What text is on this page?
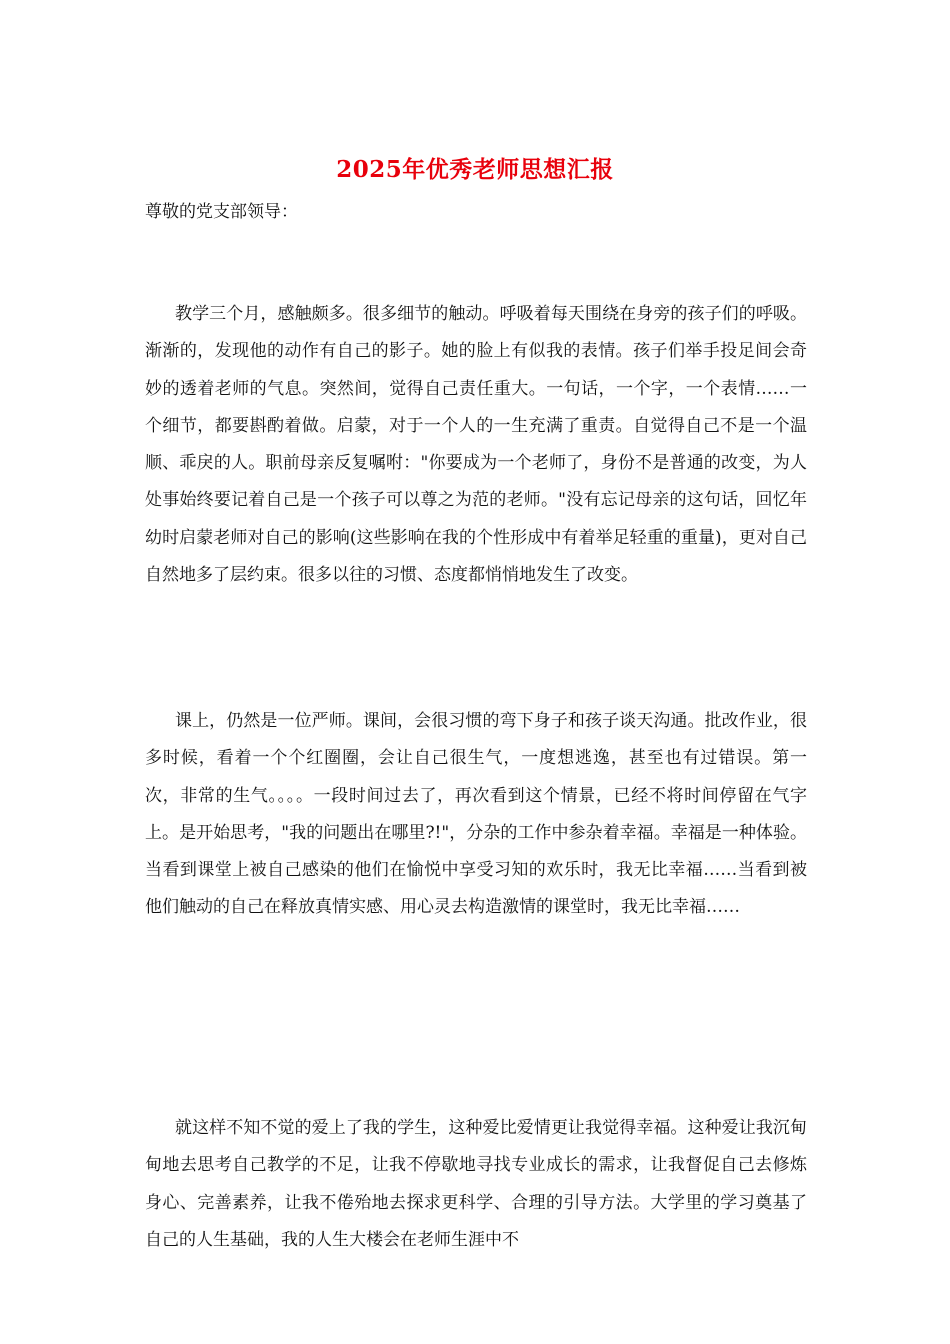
2025年优秀老师思想汇报
尊敬的党支部领导：

教学三个月，感触颇多。很多细节的触动。呼吸着每天围绕在身旁的孩子们的呼吸。渐渐的，发现他的动作有自己的影子。她的脸上有似我的表情。孩子们举手投足间会奇妙的透着老师的气息。突然间，觉得自己责任重大。一句话，一个字，一个表情……一个细节，都要斟酌着做。启蒙，对于一个人的一生充满了重责。自觉得自己不是一个温顺、乖戾的人。职前母亲反复嘱咐："你要成为一个老师了，身份不是普通的改变，为人处事始终要记着自己是一个孩子可以尊之为范的老师。"没有忘记母亲的这句话，回忆年幼时启蒙老师对自己的影响(这些影响在我的个性形成中有着举足轻重的重量)，更对自己自然地多了层约束。很多以往的习惯、态度都悄悄地发生了改变。

课上，仍然是一位严师。课间，会很习惯的弯下身子和孩子谈天沟通。批改作业，很多时候，看着一个个红圈圈，会让自己很生气，一度想逃逸，甚至也有过错误。第一次，非常的生气。。。。一段时间过去了，再次看到这个情景，已经不将时间停留在气字上。是开始思考，"我的问题出在哪里?!"，分杂的工作中参杂着幸福。幸福是一种体验。当看到课堂上被自己感染的他们在愉悦中享受习知的欢乐时，我无比幸福……当看到被他们触动的自己在释放真情实感、用心灵去构造激情的课堂时，我无比幸福……

就这样不知不觉的爱上了我的学生，这种爱比爱情更让我觉得幸福。这种爱让我沉甸甸地去思考自己教学的不足，让我不停歇地寻找专业成长的需求，让我督促自己去修炼身心、完善素养，让我不倦殆地去探求更科学、合理的引导方法。大学里的学习奠基了自己的人生基础，我的人生大楼会在老师生涯中不
